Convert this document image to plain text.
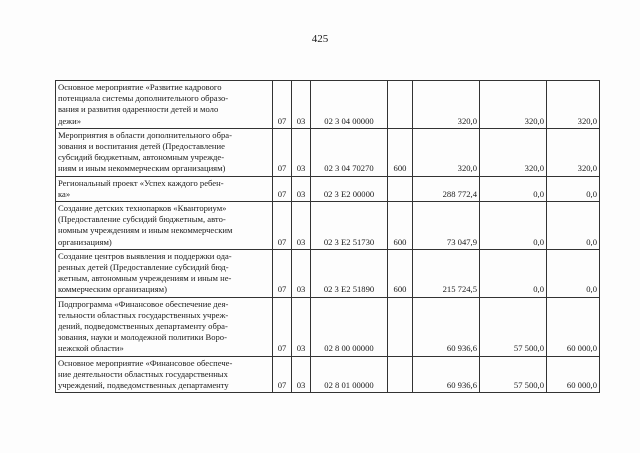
425
Основное мероприятие «Развитие кадрового
потенциала системы дополнительного образо-
вания и развития одаренности детей и моло
дежи»	07	03	02 3 04 00000		320,0	320,0	320,0

Мероприятия в области дополнительного обра-
зования и воспитания детей (Предоставление
субсидий бюджетным, автономным учрежде-
ниям и иным некоммерческим организациям)	07	03	02 3 04 70270	600	320,0	320,0	320,0

Региональный проект «Успех каждого ребен-
ка»	07	03	02 3 Е2 00000		288 772,4	0,0	0,0

Создание детских технопарков «Кванториум»
(Предоставление субсидий бюджетным, авто-
номным учреждениям и иным некоммерческим
организациям)	07	03	02 3 Е2 51730	600	73 047,9	0,0	0,0

Создание центров выявления и поддержки ода-
ренных детей (Предоставление субсидий бюд-
жетным, автономным учреждениям и иным не-
коммерческим организациям)	07	03	02 3 Е2 51890	600	215 724,5	0,0	0,0

Подпрограмма «Финансовое обеспечение дея-
тельности областных государственных учреж-
дений, подведомственных департаменту обра-
зования, науки и молодежной политики Воро-
нежской области»	07	03	02 8 00 00000		60 936,6	57 500,0	60 000,0

Основное мероприятие «Финансовое обеспече-
ние деятельности областных государственных
учреждений, подведомственных департаменту	07	03	02 8 01 00000		60 936,6	57 500,0	60 000,0
